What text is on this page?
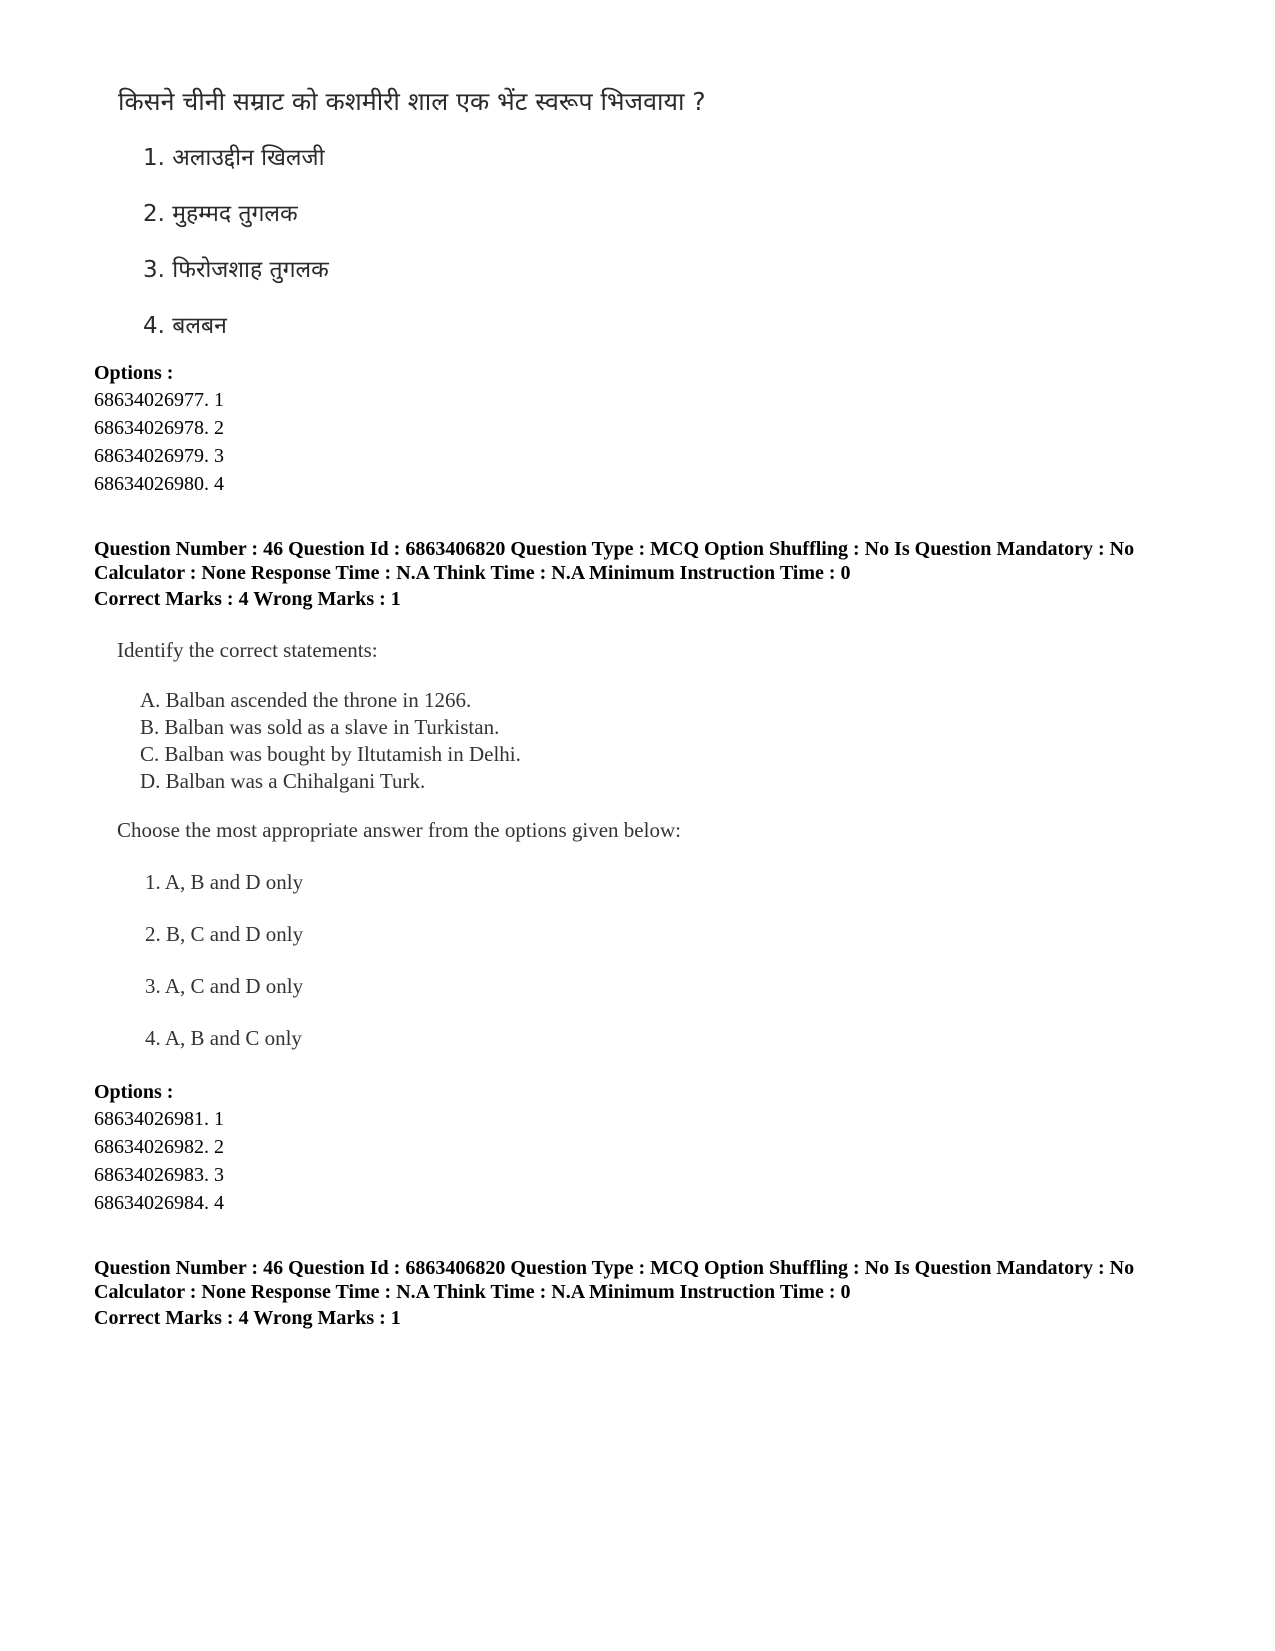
किसने चीनी सम्राट को कशमीरी शाल एक भेंट स्वरूप भिजवाया ?
1. अलाउद्दीन खिलजी
2. मुहम्मद तुगलक
3. फिरोजशाह तुगलक
4. बलबन
Options :
68634026977. 1
68634026978. 2
68634026979. 3
68634026980. 4
Question Number : 46 Question Id : 6863406820 Question Type : MCQ Option Shuffling : No Is Question Mandatory : No Calculator : None Response Time : N.A Think Time : N.A Minimum Instruction Time : 0
Correct Marks : 4 Wrong Marks : 1
Identify the correct statements:
A. Balban ascended the throne in 1266.
B. Balban was sold as a slave in Turkistan.
C. Balban was bought by Iltutamish in Delhi.
D. Balban was a Chihalgani Turk.
Choose the most appropriate answer from the options given below:
1. A, B and D only
2. B, C and D only
3. A, C and D only
4. A, B and C only
Options :
68634026981. 1
68634026982. 2
68634026983. 3
68634026984. 4
Question Number : 46 Question Id : 6863406820 Question Type : MCQ Option Shuffling : No Is Question Mandatory : No Calculator : None Response Time : N.A Think Time : N.A Minimum Instruction Time : 0
Correct Marks : 4 Wrong Marks : 1
